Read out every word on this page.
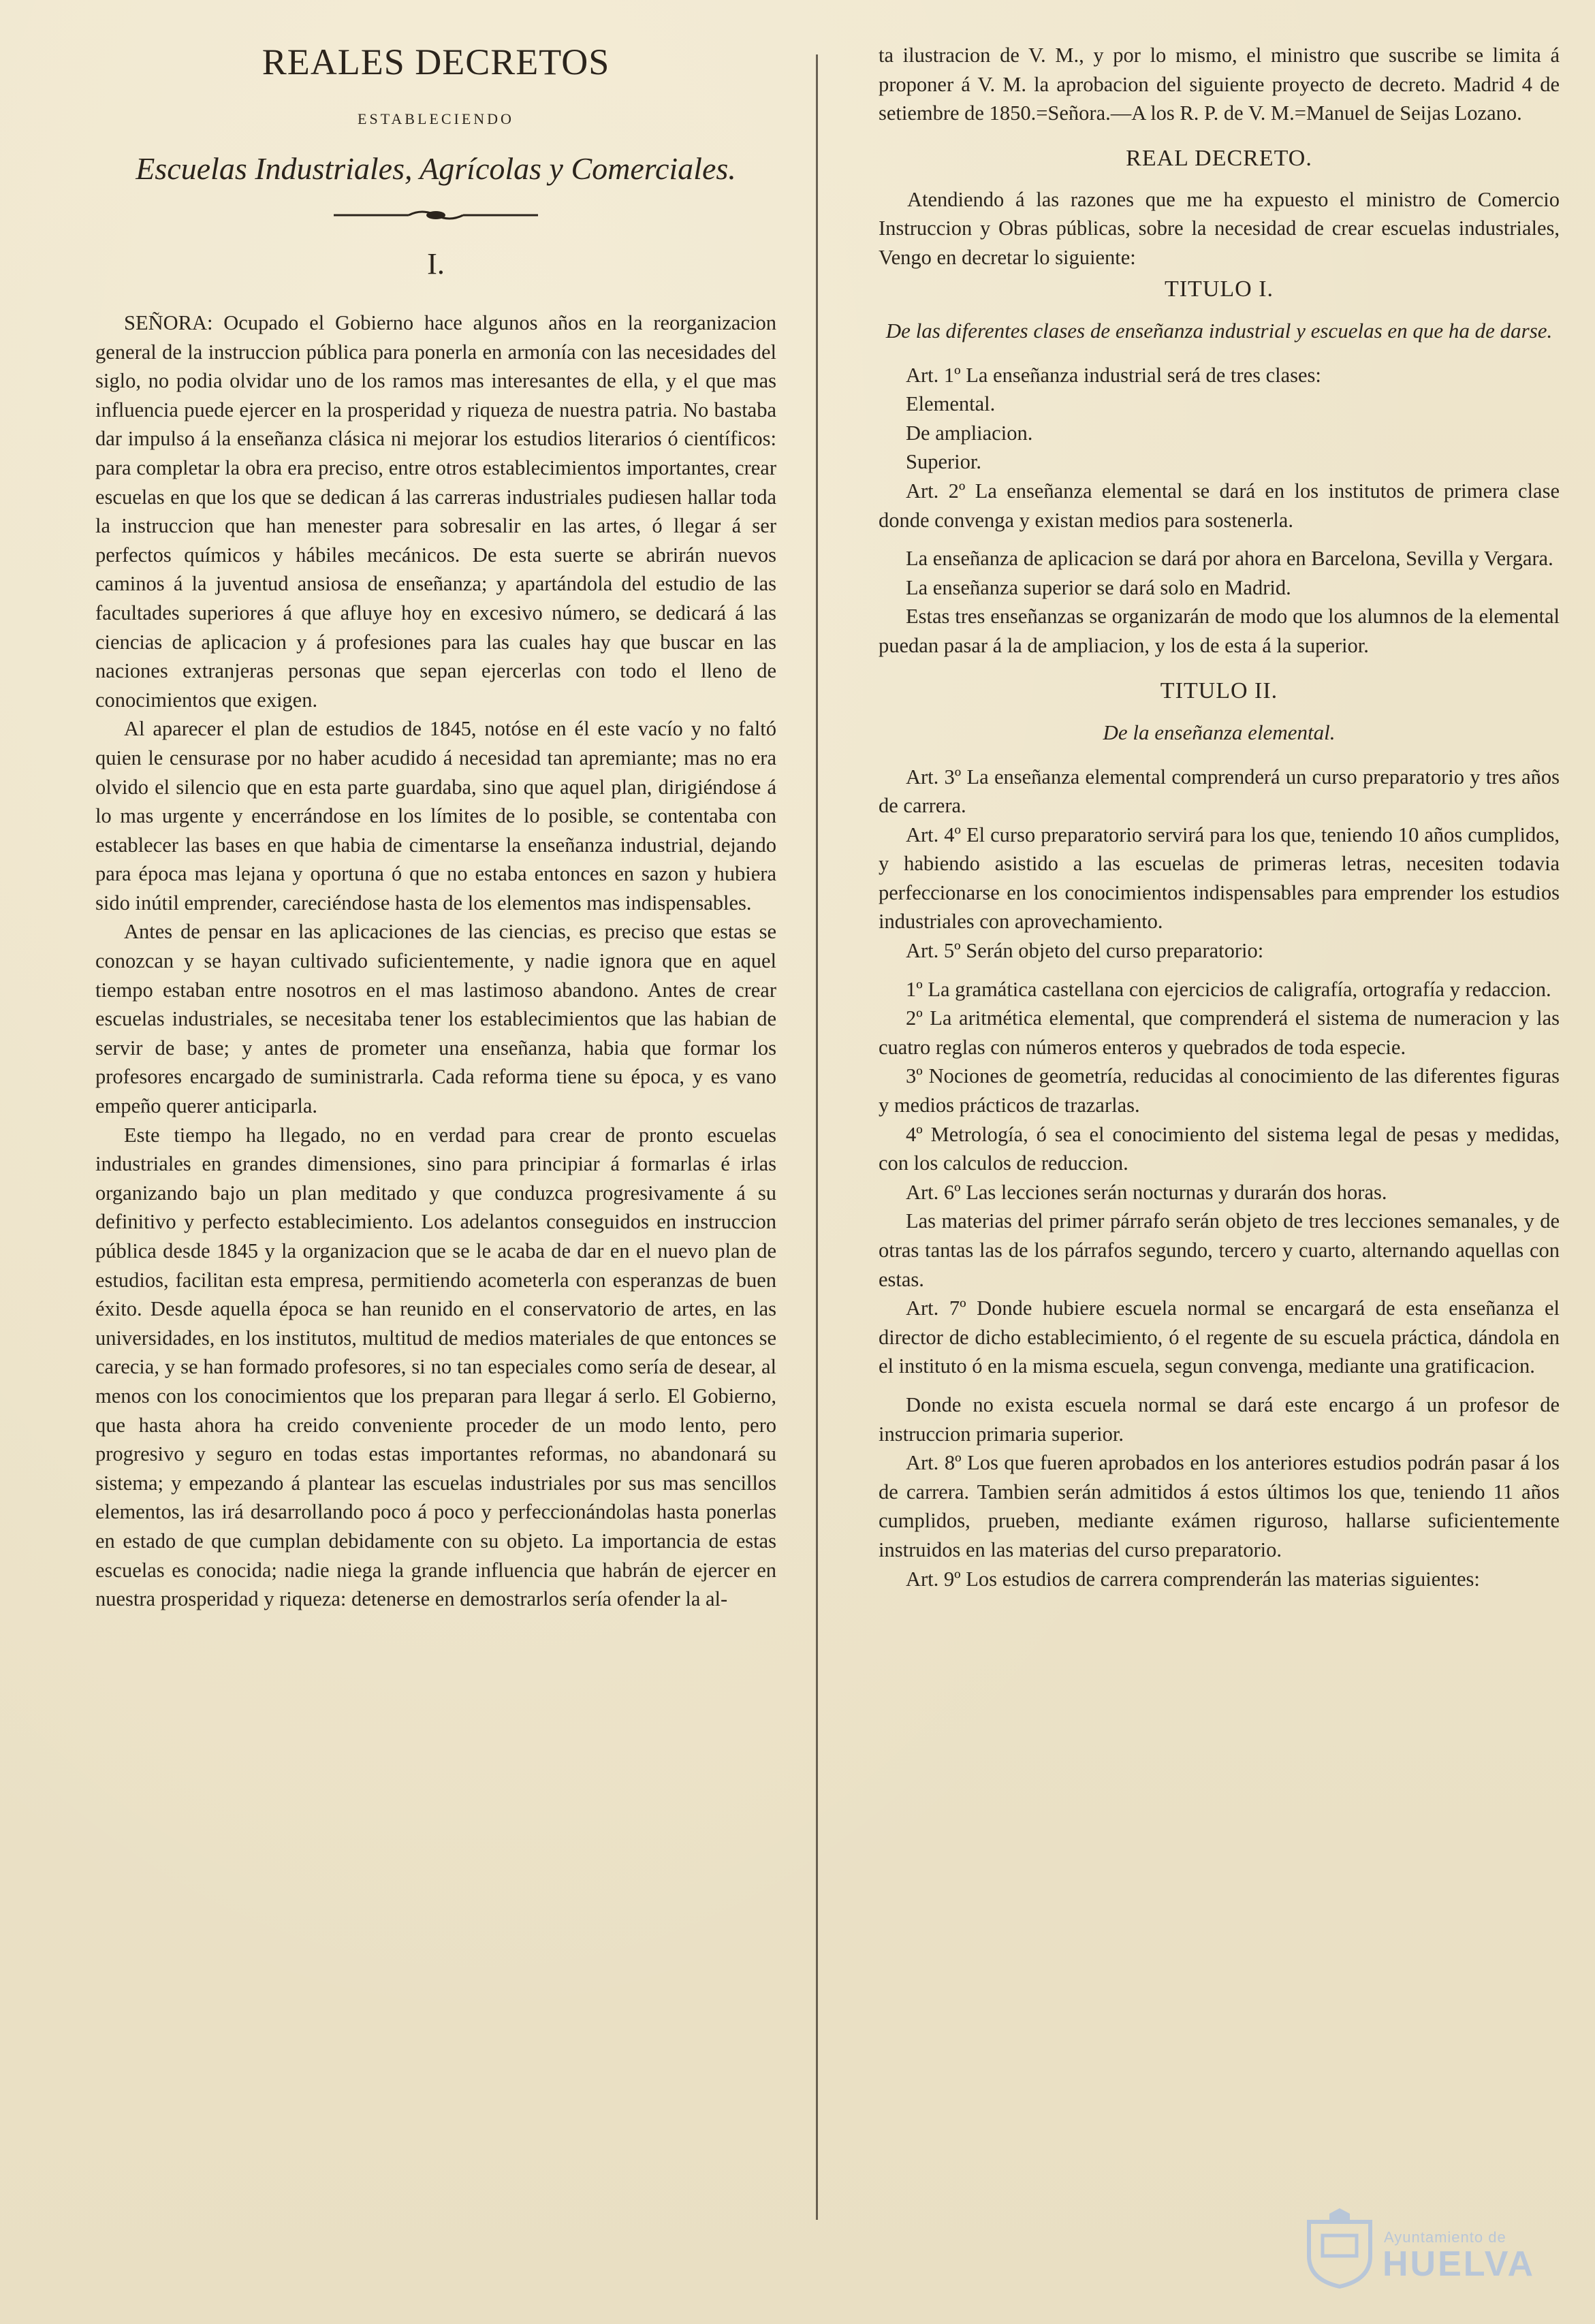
REALES DECRETOS
ESTABLECIENDO
Escuelas Industriales, Agrícolas y Comerciales.
I.

SEÑORA: Ocupado el Gobierno hace algunos años en la reorganizacion general de la instruccion pública para ponerla en armonía con las necesidades del siglo, no podia olvidar uno de los ramos mas interesantes de ella, y el que mas influencia puede ejercer en la prosperidad y riqueza de nuestra patria. No bastaba dar impulso á la enseñanza clásica ni mejorar los estudios literarios ó científicos: para completar la obra era preciso, entre otros establecimientos importantes, crear escuelas en que los que se dedican á las carreras industriales pudiesen hallar toda la instruccion que han menester para sobresalir en las artes, ó llegar á ser perfectos químicos y hábiles mecánicos. De esta suerte se abrirán nuevos caminos á la juventud ansiosa de enseñanza; y apartándola del estudio de las facultades superiores á que afluye hoy en excesivo número, se dedicará á las ciencias de aplicacion y á profesiones para las cuales hay que buscar en las naciones extranjeras personas que sepan ejercerlas con todo el lleno de conocimientos que exigen.

Al aparecer el plan de estudios de 1845, notóse en él este vacío y no faltó quien le censurase por no haber acudido á necesidad tan apremiante; mas no era olvido el silencio que en esta parte guardaba, sino que aquel plan, dirigiéndose á lo mas urgente y encerrándose en los límites de lo posible, se contentaba con establecer las bases en que habia de cimentarse la enseñanza industrial, dejando para época mas lejana y oportuna ó que no estaba entonces en sazon y hubiera sido inútil emprender, careciéndose hasta de los elementos mas indispensables.

Antes de pensar en las aplicaciones de las ciencias, es preciso que estas se conozcan y se hayan cultivado suficientemente, y nadie ignora que en aquel tiempo estaban entre nosotros en el mas lastimoso abandono. Antes de crear escuelas industriales, se necesitaba tener los establecimientos que las habian de servir de base; y antes de prometer una enseñanza, habia que formar los profesores encargado de suministrarla. Cada reforma tiene su época, y es vano empeño querer anticiparla.

Este tiempo ha llegado, no en verdad para crear de pronto escuelas industriales en grandes dimensiones, sino para principiar á formarlas é irlas organizando bajo un plan meditado y que conduzca progresivamente á su definitivo y perfecto establecimiento. Los adelantos conseguidos en instruccion pública desde 1845 y la organizacion que se le acaba de dar en el nuevo plan de estudios, facilitan esta empresa, permitiendo acometerla con esperanzas de buen éxito. Desde aquella época se han reunido en el conservatorio de artes, en las universidades, en los institutos, multitud de medios materiales de que entonces se carecia, y se han formado profesores, si no tan especiales como sería de desear, al menos con los conocimientos que los preparan para llegar á serlo. El Gobierno, que hasta ahora ha creido conveniente proceder de un modo lento, pero progresivo y seguro en todas estas importantes reformas, no abandonará su sistema; y empezando á plantear las escuelas industriales por sus mas sencillos elementos, las irá desarrollando poco á poco y perfeccionándolas hasta ponerlas en estado de que cumplan debidamente con su objeto. La importancia de estas escuelas es conocida; nadie niega la grande influencia que habrán de ejercer en nuestra prosperidad y riqueza: detenerse en demostrarlos sería ofender la al-

ta ilustracion de V. M., y por lo mismo, el ministro que suscribe se limita á proponer á V. M. la aprobacion del siguiente proyecto de decreto. Madrid 4 de setiembre de 1850.=Señora.—A los R. P. de V. M.=Manuel de Seijas Lozano.

REAL DECRETO.

Atendiendo á las razones que me ha expuesto el ministro de Comercio Instruccion y Obras públicas, sobre la necesidad de crear escuelas industriales, Vengo en decretar lo siguiente:

TITULO I.
De las diferentes clases de enseñanza industrial y escuelas en que ha de darse.

Art. 1º La enseñanza industrial será de tres clases:

Elemental.

De ampliacion.

Superior.

Art. 2º La enseñanza elemental se dará en los institutos de primera clase donde convenga y existan medios para sostenerla.

La enseñanza de aplicacion se dará por ahora en Barcelona, Sevilla y Vergara.

La enseñanza superior se dará solo en Madrid.

Estas tres enseñanzas se organizarán de modo que los alumnos de la elemental puedan pasar á la de ampliacion, y los de esta á la superior.

TITULO II.
De la enseñanza elemental.

Art. 3º La enseñanza elemental comprenderá un curso preparatorio y tres años de carrera.

Art. 4º El curso preparatorio servirá para los que, teniendo 10 años cumplidos, y habiendo asistido a las escuelas de primeras letras, necesiten todavia perfeccionarse en los conocimientos indispensables para emprender los estudios industriales con aprovechamiento.

Art. 5º Serán objeto del curso preparatorio:

1º La gramática castellana con ejercicios de caligrafía, ortografía y redaccion.

2º La aritmética elemental, que comprenderá el sistema de numeracion y las cuatro reglas con números enteros y quebrados de toda especie.

3º Nociones de geometría, reducidas al conocimiento de las diferentes figuras y medios prácticos de trazarlas.

4º Metrología, ó sea el conocimiento del sistema legal de pesas y medidas, con los calculos de reduccion.

Art. 6º Las lecciones serán nocturnas y durarán dos horas.

Las materias del primer párrafo serán objeto de tres lecciones semanales, y de otras tantas las de los párrafos segundo, tercero y cuarto, alternando aquellas con estas.

Art. 7º Donde hubiere escuela normal se encargará de esta enseñanza el director de dicho establecimiento, ó el regente de su escuela práctica, dándola en el instituto ó en la misma escuela, segun convenga, mediante una gratificacion.

Donde no exista escuela normal se dará este encargo á un profesor de instruccion primaria superior.

Art. 8º Los que fueren aprobados en los anteriores estudios podrán pasar á los de carrera. Tambien serán admitidos á estos últimos los que, teniendo 11 años cumplidos, prueben, mediante exámen riguroso, hallarse suficientemente instruidos en las materias del curso preparatorio.

Art. 9º Los estudios de carrera comprenderán las materias siguientes:

Ayuntamiento de
HUELVA
